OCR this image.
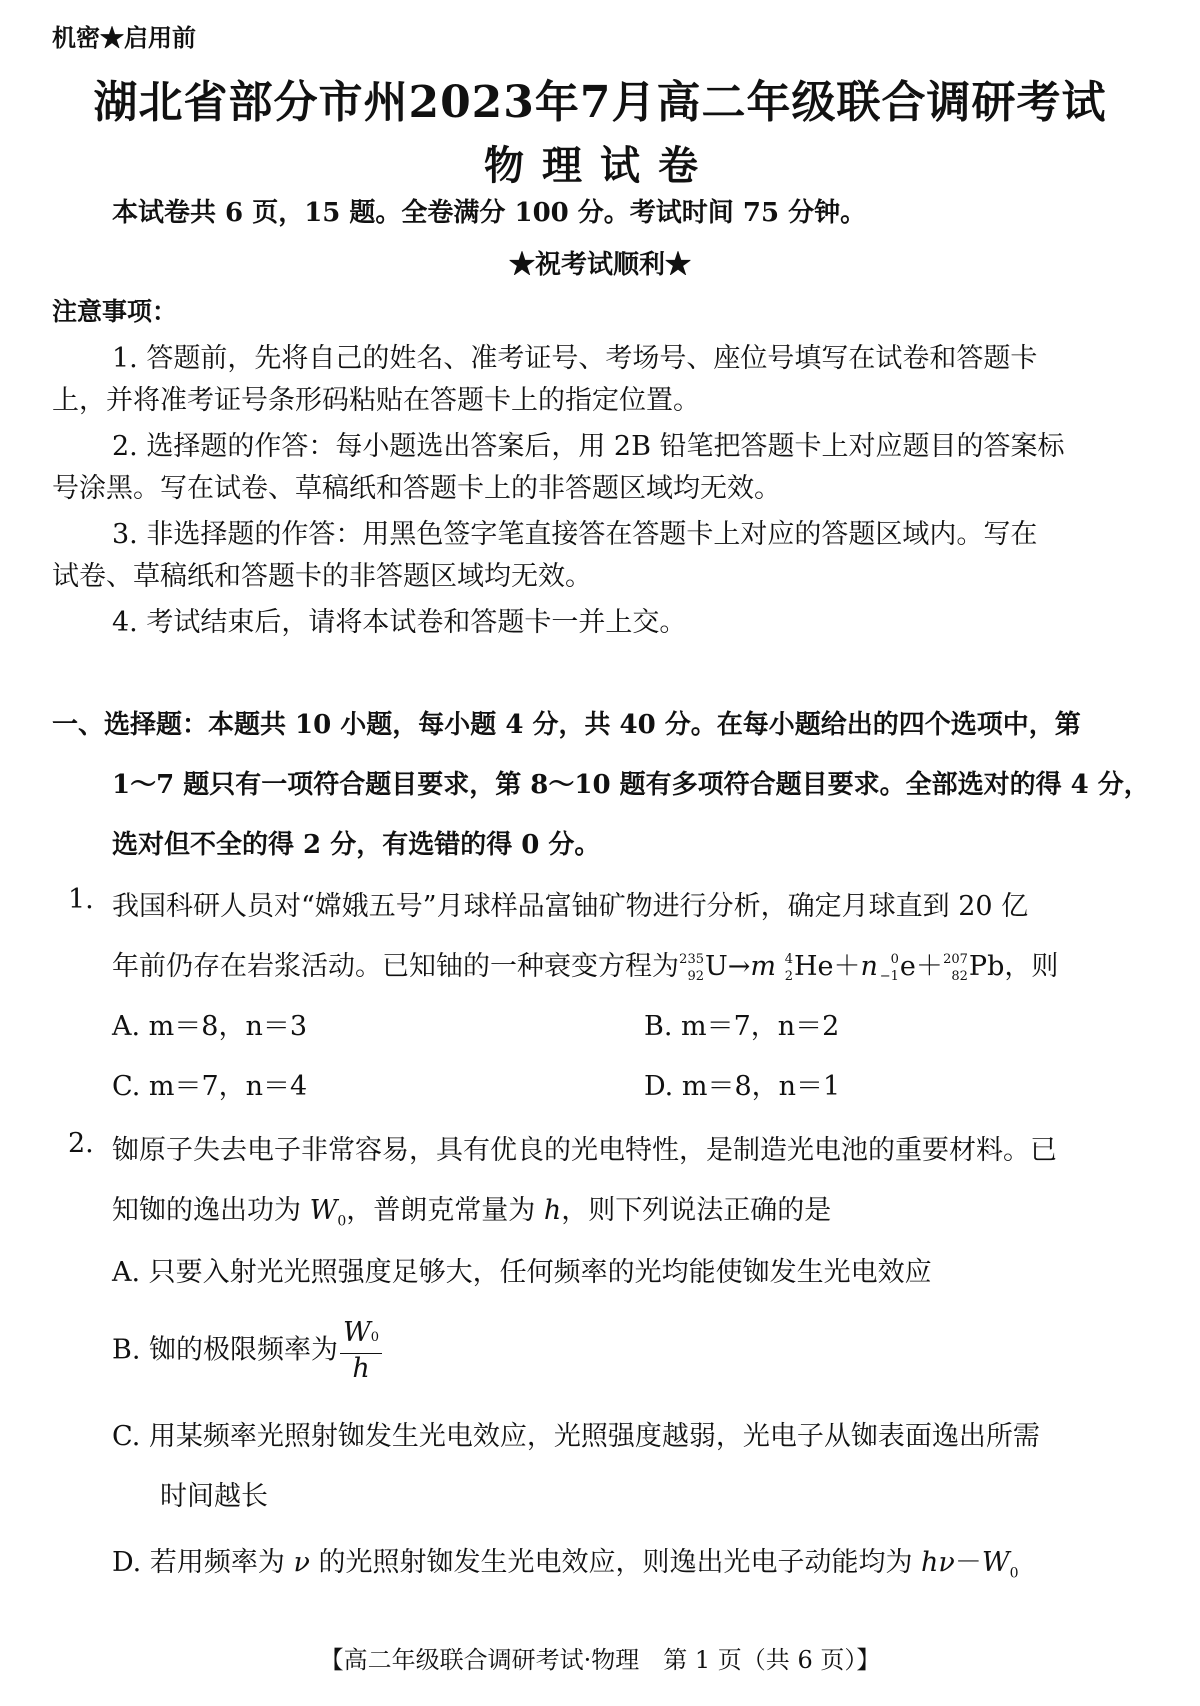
机密★启用前
湖北省部分市州2023年7月高二年级联合调研考试
物理试卷
本试卷共 6 页，15 题。全卷满分 100 分。考试时间 75 分钟。
★祝考试顺利★
注意事项：
1. 答题前，先将自己的姓名、准考证号、考场号、座位号填写在试卷和答题卡
上，并将准考证号条形码粘贴在答题卡上的指定位置。
2. 选择题的作答：每小题选出答案后，用 2B 铅笔把答题卡上对应题目的答案标
号涂黑。写在试卷、草稿纸和答题卡上的非答题区域均无效。
3. 非选择题的作答：用黑色签字笔直接答在答题卡上对应的答题区域内。写在
试卷、草稿纸和答题卡的非答题区域均无效。
4. 考试结束后，请将本试卷和答题卡一并上交。
一、选择题：本题共 10 小题，每小题 4 分，共 40 分。在每小题给出的四个选项中，第
1～7 题只有一项符合题目要求，第 8～10 题有多项符合题目要求。全部选对的得 4 分，
选对但不全的得 2 分，有选错的得 0 分。
1. 我国科研人员对“嫦娥五号”月球样品富铀矿物进行分析，确定月球直到 20 亿
年前仍存在岩浆活动。已知铀的一种衰变方程为 235
92 U→m 4
2 He＋n 0
−1 e＋ 207
82 Pb，则
A. m＝8，n＝3	B. m＝7，n＝2
C. m＝7，n＝4	D. m＝8，n＝1
2. 铷原子失去电子非常容易，具有优良的光电特性，是制造光电池的重要材料。已
知铷的逸出功为 $W_0$，普朗克常量为 h，则下列说法正确的是
A. 只要入射光光照强度足够大，任何频率的光均能使铷发生光电效应
B. 铷的极限频率为 $\frac{W0}{h}$
C. 用某频率光照射铷发生光电效应，光照强度越弱，光电子从铷表面逸出所需
时间越长
D. 若用频率为 ν 的光照射铷发生光电效应，则逸出光电子动能均为 $h\nu-W_0$
【高二年级联合调研考试·物理　第 1 页（共 6 页）】
